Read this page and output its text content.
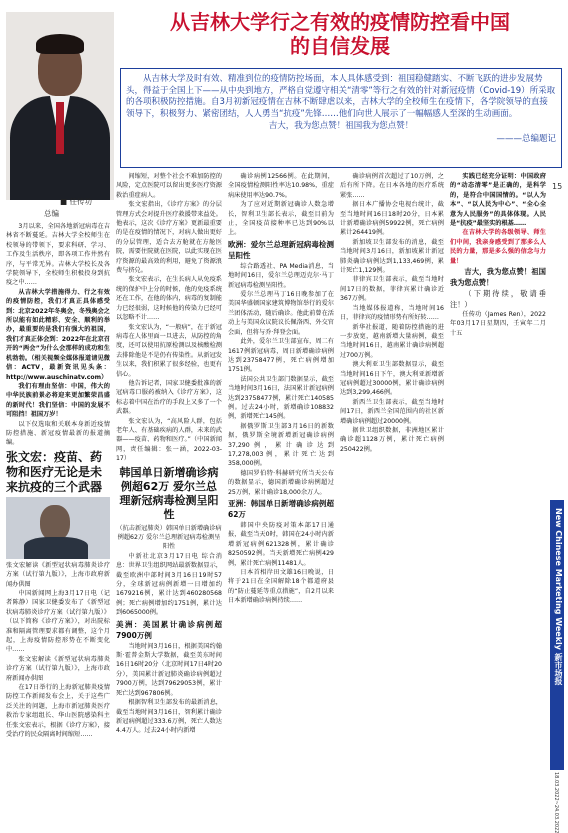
从吉林大学行之有效的疫情防控看中国
的自信发展
■ 任传功
总编

从吉林大学及时有效、精准到位的疫情防控场面，本人具体感受到：祖国稳健踏实、不断飞跃的进步发展势头，得益于全国上下——从中央到地方，严格自觉遵守相关“清零”等行之有效的针对新冠疫情（Covid-19）所采取的各项积极防控措施。自3月初新冠疫情在吉林不断肆虐以来，吉林大学的全校师生在疫情下，各学院领导的直接领导下，积极努力、紧密团结，人人勇当“抗疫”先锋……他们向世人展示了一幅幅感人至深的生动画面。

吉大，我为您点赞！祖国我为您点赞！

———总编题记

3月以来，全国各地新冠病毒在吉林省不断蔓延。吉林大学全校师生在校领导的带领下，要求科研、学习、工作及生活秩序，即各项工作井然有序，与平常无异。吉林大学校长及各学院领导下，全校师生积极投身到抗疫之中……

从吉林大学措施得力、行之有效的疫情防控，我们才真正具体感受到：北京2022年冬奥会，冬残奥会之所以能有如此精彩、安全、顺利的举办，最重要的是我们有强大的祖国，我们才真正体会到：2022年在北京召开的“两会”为什么会那样的成功和生机勃勃。（相关视频全媒体报道请见微信：ACTV，最新资讯见头条：http://www.auschinatv.com）

我们有理由坚信：中国，伟大的中华民族前景必将迎来更加繁荣昌盛的新时代！我们坚信：中国的发展不可阻挡！祖国万岁！

以下仅选取和关联本身新近疫情防控措施、新冠疫情最新的报道摘编。

张文宏：疫苗、药物和医疗无论是未来抗疫的三个武器

张文宏解读《新型冠状病毒肺炎诊疗方案（试行第九版）》，上海市政府新闻办供图

中国新闻网上海3月17日电（记者陈静）国家卫健委发布了《新型冠状病毒肺炎诊疗方案（试行第九版）》（以下简称《诊疗方案》），对出院标准和隔离管理要求都有调整，这个月起，上海疫情防控形势在不断变化中……

张文宏解读《新型冠状病毒肺炎诊疗方案（试行第九版）》，上海市政府新闻办供图

在17日举行的上海新冠肺炎疫情防控工作新闻发布会上，关于这些广泛关注的问题，上海市新冠肺炎医疗救治专家组组长、华山医院感染科主任张文宏表示，根据《诊疗方案》，接受治疗的民众隔离时间缩短……

间缩短，对整个社会不难加防控的风险，定点医院可以留出更多医疗资源救治重症病人。

张文宏指出，《诊疗方案》的分层管理方式会对提升医疗救援带来益处。他表示，这次《诊疗方案》更新最重要的是在疫情的情况下，对病人做出更好的分层管理，适合去方舱就在方舱医院，需要住院就在医院，以此实现在医疗资源的最高效的利用，避免了资源浪费与挤兑。

张文宏表示，在生长病人从免疫系统的保护中上分的时候，他的免疫系统还在工作，在他的体内，病毒的复制能力已经很弱，这时候他的传染力已经可以忽略不计……

张文宏认为，“一般病”，在于新冠病毒在人体里面一旦进去，从防控的角度，还可以使用抗原检测以及核酸检测去排除他是不是仍有传染性。从新冠发生以来，我们积累了很多经验，也更有信心。

他告诉记者，国家卫健委批准的新冠病毒口服药被纳入《诊疗方案》，这标志着中国在治疗的手段上又多了一个武器。

张文宏认为，“高风险人群，包括老年人、有基础疾病的人群，未来的武器——疫苗、药物和医疗。”（中国新闻网，责任编辑：张一涵，2022-03-17）

韩国单日新增确诊病例超62万 爱尔兰总理新冠病毒检测呈阳性

（抗击新冠肺炎）韩国单日新增确诊病例超62万 爱尔兰总理新冠病毒检测呈阳性

中新社北京3月17日电 综合消息：世界卫生组织网站最新数据显示，截至欧洲中部时间3月16日19时57分，全球新冠病例新增一日增加约1679216例，累计达到460280568例；死亡病例增加约1751例，累计达到6065000例。

美洲：美国累计确诊病例超7900万例

当地时间3月16日，根据美国约翰斯·霍普金斯大学数据，截至美东时间16日16时20分（北京时间17日4时20分），美国累计新冠肺炎确诊病例超过7900万例，达到79629053例，累计死亡达到967806例。

根据智利卫生部发布的最新消息，截至当地时间3月16日，智利累计确诊新冠病例超过333.6万例，死亡人数达4.4万人。过去24小时内新增

确诊病例12566例。在此期间，全国疫情检测阳性率达10.98%，重症病床使用率达90.7%。

为了应对近期新冠确诊人数急增长，智利卫生部长表示，截至目前为止，全国疫苗接种率已达到90%以上。

欧洲：爱尔兰总理新冠病毒检测呈阳性

综合路透社、PA Media消息，当地时间16日，爱尔兰总理迈克尔·马丁新冠病毒检测呈阳性。

爱尔兰总理马丁16日晚参加了在美国华盛顿国家建筑博物馆举行的爱尔兰团体活动，随后确诊。他此前曾在活动上与美国众议院议长佩洛西、外交官会面，但将与乔·拜登会面。

此外，爱尔兰卫生部宣布，周二有1617例新冠病毒，周日新增确诊病例达到23758477例，死亡病例增加1751例。

法国公共卫生部门数据显示，截至当地时间3月16日，法国累计新冠病例达到23758477例，累计死亡140585例。过去24小时，新增确诊108832例，新增死亡145例。

据俄罗斯卫生部3月16日的新数据，俄罗斯全境新增新冠确诊病例37,290例，累计确诊达到17,278,003例，累计死亡达到358,000例。

德国罗伯特·科赫研究所当天公布的数据显示，德国新增确诊病例超过25万例，累计确诊18,000余万人。

亚洲：韩国单日新增确诊病例超62万

韩国中央防疫对策本部17日通报，截至当天0时，韩国在24小时内新增新冠病例621328例，累计确诊8250592例。当天新增死亡病例429例，累计死亡病例11481人。

日本首相岸田文雄16日晚说，日将于21日在全国解除18个都道府县的“防止蔓延等重点措施”，自2月以来日本新增确诊病例持续……

确诊病例首次超过了10万例，之后有所下降。在日本各地的医疗系统紧张……

据日本广播协会电视台统计，截至当地时间16日18时20分，日本累计新增确诊病例59922例，死亡病例累计264419例。

新加坡卫生部发布的消息，截至当地时间3月16日，新加坡累计新冠肺炎确诊病例达到1,133,469例，累计死亡1,129例。

菲律宾卫生部表示，截至当地时间17日的数据，菲律宾累计确诊近367万例。

当地媒体报道称，当地时间16日，菲律宾的疫情形势有所好转……

新华社报道，随着防控措施的进一步放宽，越南新增大量病例，截至当地时间16日，越南累计确诊病例超过700万例。

澳大利亚卫生部数据显示，截至当地时间16日下午，澳大利亚新增新冠病例超过30000例，累计确诊病例达到3,299,466例。

新西兰卫生部表示，截至当地时间17日，新西兰全国范围内的社区新增确诊病例超过20000例。

据世卫组织数据，非洲地区累计确诊超1128万例，累计死亡病例250422例。

实践已经充分证明：中国政府的“动态清零”是正确的，是科学的，是符合中国国情的。“以人为本”、“以人民为中心”、“全心全意为人民服务”的具体体现。人民是“抗疫”最坚实的根基……

在吉林大学的各级领导、师生们中间，我亲身感受到了那多么人民的力量，那是多么强的信念与力量！

吉大，我为您点赞！祖国我为您点赞！

（下期待续，敬请垂注！）

任传功（James Ren），2022年03月17日星期四，壬寅年二月十五

15
New Chinese Marketing Weekly 新市场报
18.03.2022~24.03.2022
